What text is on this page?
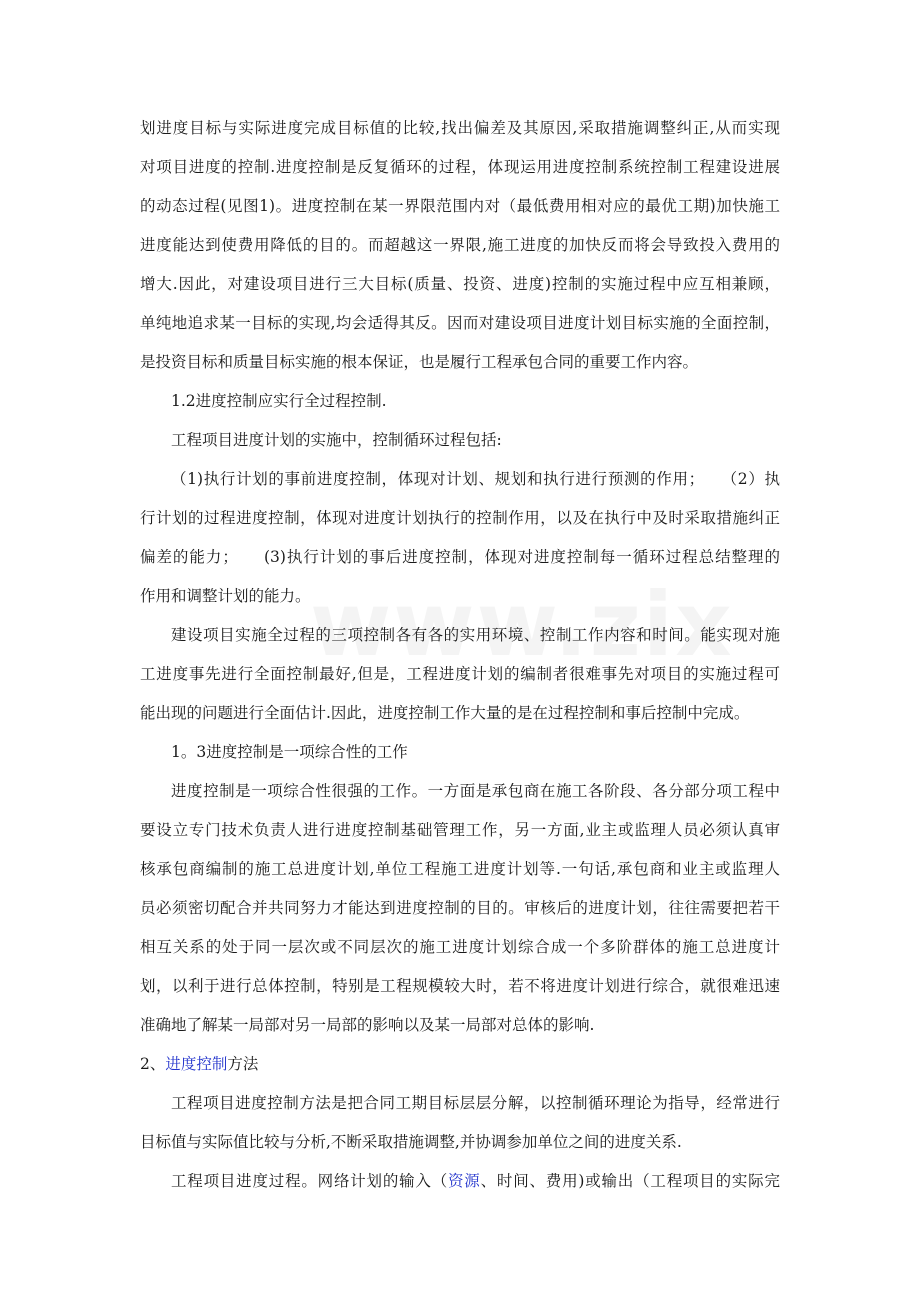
划进度目标与实际进度完成目标值的比较,找出偏差及其原因,采取措施调整纠正,从而实现
对项目进度的控制.进度控制是反复循环的过程，体现运用进度控制系统控制工程建设进展
的动态过程(见图1)。进度控制在某一界限范围内对（最低费用相对应的最优工期)加快施工
进度能达到使费用降低的目的。而超越这一界限,施工进度的加快反而将会导致投入费用的
增大.因此，对建设项目进行三大目标(质量、投资、进度)控制的实施过程中应互相兼顾，
单纯地追求某一目标的实现,均会适得其反。因而对建设项目进度计划目标实施的全面控制，
是投资目标和质量目标实施的根本保证，也是履行工程承包合同的重要工作内容。
1.2进度控制应实行全过程控制.
工程项目进度计划的实施中，控制循环过程包括:
（1)执行计划的事前进度控制，体现对计划、规划和执行进行预测的作用；　　（2）执
行计划的过程进度控制，体现对进度计划执行的控制作用，以及在执行中及时采取措施纠正
偏差的能力；　　(3)执行计划的事后进度控制，体现对进度控制每一循环过程总结整理的
作用和调整计划的能力。
建设项目实施全过程的三项控制各有各的实用环境、控制工作内容和时间。能实现对施
工进度事先进行全面控制最好,但是，工程进度计划的编制者很难事先对项目的实施过程可
能出现的问题进行全面估计.因此，进度控制工作大量的是在过程控制和事后控制中完成。
1。3进度控制是一项综合性的工作
进度控制是一项综合性很强的工作。一方面是承包商在施工各阶段、各分部分项工程中
要设立专门技术负责人进行进度控制基础管理工作，另一方面,业主或监理人员必须认真审
核承包商编制的施工总进度计划,单位工程施工进度计划等.一句话,承包商和业主或监理人
员必须密切配合并共同努力才能达到进度控制的目的。审核后的进度计划，往往需要把若干
相互关系的处于同一层次或不同层次的施工进度计划综合成一个多阶群体的施工总进度计
划，以利于进行总体控制，特别是工程规模较大时，若不将进度计划进行综合，就很难迅速
准确地了解某一局部对另一局部的影响以及某一局部对总体的影响.
2、进度控制方法
工程项目进度控制方法是把合同工期目标层层分解，以控制循环理论为指导，经常进行
目标值与实际值比较与分析,不断采取措施调整,并协调参加单位之间的进度关系.
工程项目进度过程。网络计划的输入（资源、时间、费用)或输出（工程项目的实际完
